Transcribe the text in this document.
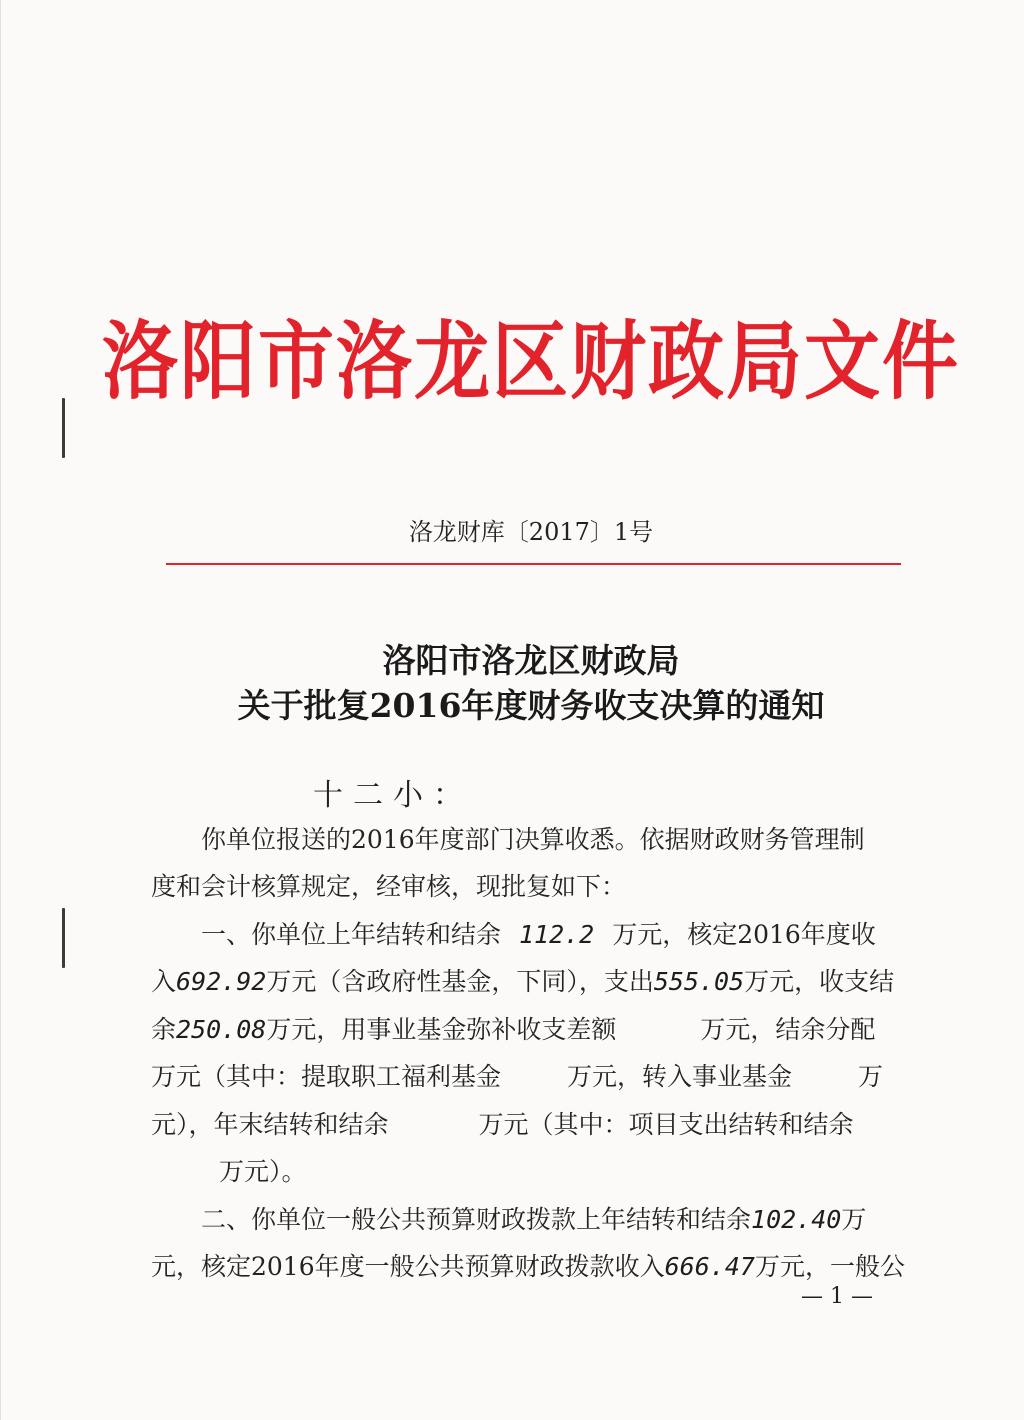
洛阳市洛龙区财政局文件
洛龙财库〔2017〕1号
洛阳市洛龙区财政局
关于批复2016年度财务收支决算的通知
十二小：
你单位报送的2016年度部门决算收悉。依据财政财务管理制
度和会计核算规定，经审核，现批复如下：
一、你单位上年结转和结余 112.2 万元，核定2016年度收
入692.92万元（含政府性基金，下同），支出555.05万元，收支结
余250.08万元，用事业基金弥补收支差额	万元，结余分配
万元（其中：提取职工福利基金	万元，转入事业基金	万
元），年末结转和结余	万元（其中：项目支出结转和结余
万元）。
二、你单位一般公共预算财政拨款上年结转和结余102.40万
元，核定2016年度一般公共预算财政拨款收入666.47万元，一般公
— 1 —
